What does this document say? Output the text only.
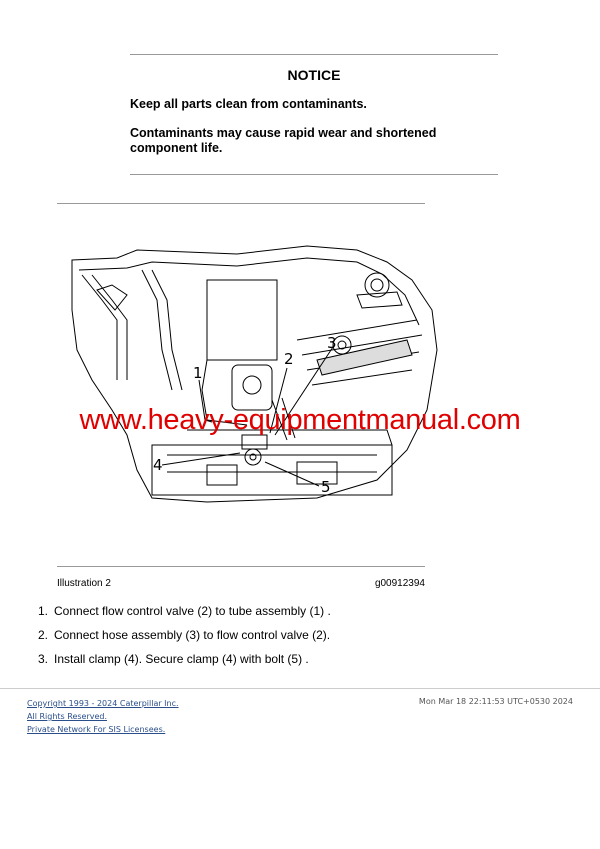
NOTICE

Keep all parts clean from contaminants.

Contaminants may cause rapid wear and shortened component life.

1
2
3
4
5
www.heavy-equipmentmanual.com
Illustration 2	g00912394
1. Connect flow control valve (2) to tube assembly (1) .
2. Connect hose assembly (3) to flow control valve (2).
3. Install clamp (4). Secure clamp (4) with bolt (5) .
Copyright 1993 - 2024 Caterpillar Inc.
All Rights Reserved.
Private Network For SIS Licensees.
Mon Mar 18 22:11:53 UTC+0530 2024
